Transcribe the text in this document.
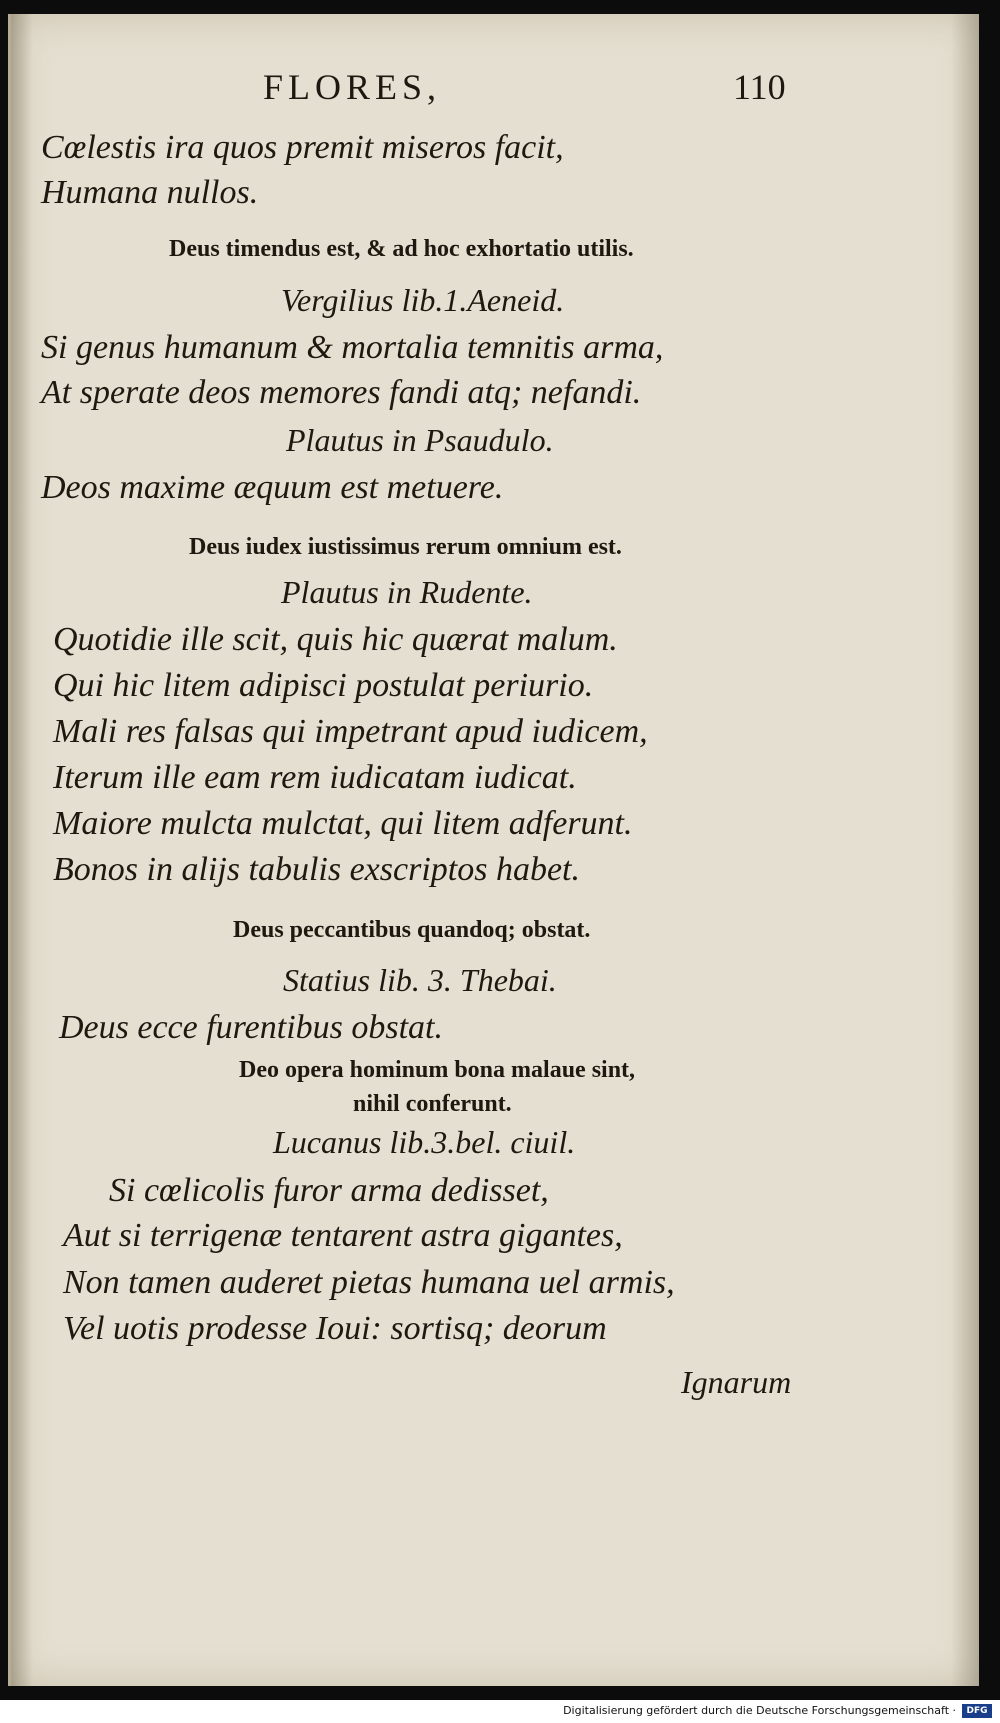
FLORES,	110
Cœlestis ira quos premit miseros facit,
Humana nullos.
Deus timendus est, & ad hoc exhortatio utilis.
Vergilius lib.1.Aeneid.
Si genus humanum & mortalia temnitis arma,
At sperate deos memores fandi atq; nefandi.
Plautus in Psaudulo.
Deos maxime æquum est metuere.
Deus iudex iustissimus rerum omnium est.
Plautus in Rudente.
Quotidie ille scit, quis hic quærat malum.
Qui hic litem adipisci postulat periurio.
Mali res falsas qui impetrant apud iudicem,
Iterum ille eam rem iudicatam iudicat.
Maiore mulcta mulctat, qui litem adferunt.
Bonos in alijs tabulis exscriptos habet.
Deus peccantibus quandoq; obstat.
Statius lib. 3. Thebai.
Deus ecce furentibus obstat.
Deo opera hominum bona malaue sint,
nihil conferunt.
Lucanus lib.3.bel. ciuil.
Si cœlicolis furor arma dedisset,
Aut si terrigenæ tentarent astra gigantes,
Non tamen auderet pietas humana uel armis,
Vel uotis prodesse Ioui: sortisq; deorum
Ignarum
Digitalisierung gefördert durch die Deutsche Forschungsgemeinschaft ·	DFG
